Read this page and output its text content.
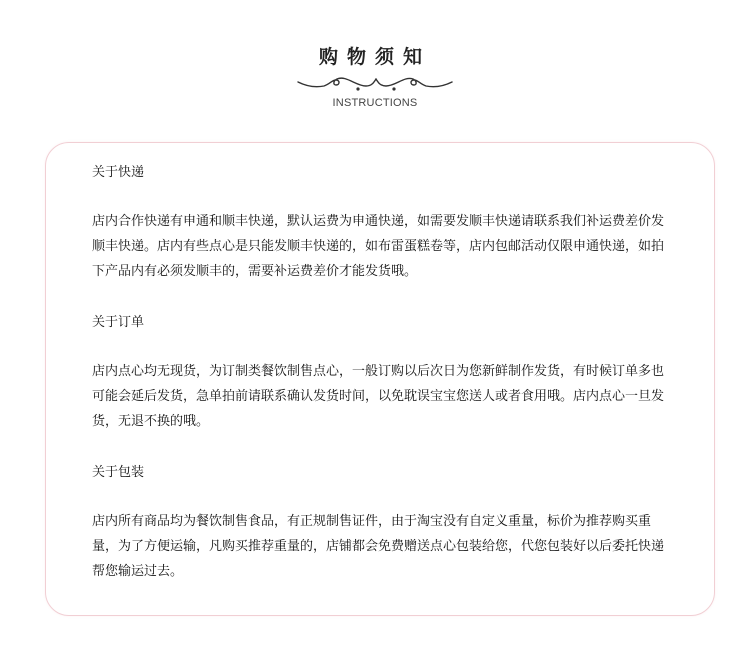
购物须知
INSTRUCTIONS
关于快递

店内合作快递有申通和顺丰快递，默认运费为申通快递，如需要发顺丰快递请联系我们补运费差价发顺丰快递。店内有些点心是只能发顺丰快递的，如布雷蛋糕卷等，店内包邮活动仅限申通快递，如拍下产品内有必须发顺丰的，需要补运费差价才能发货哦。

关于订单

店内点心均无现货，为订制类餐饮制售点心，一般订购以后次日为您新鲜制作发货，有时候订单多也可能会延后发货，急单拍前请联系确认发货时间，以免耽误宝宝您送人或者食用哦。店内点心一旦发货，无退不换的哦。

关于包装

店内所有商品均为餐饮制售食品，有正规制售证件，由于淘宝没有自定义重量，标价为推荐购买重量，为了方便运输，凡购买推荐重量的，店铺都会免费赠送点心包装给您，代您包装好以后委托快递帮您输运过去。
